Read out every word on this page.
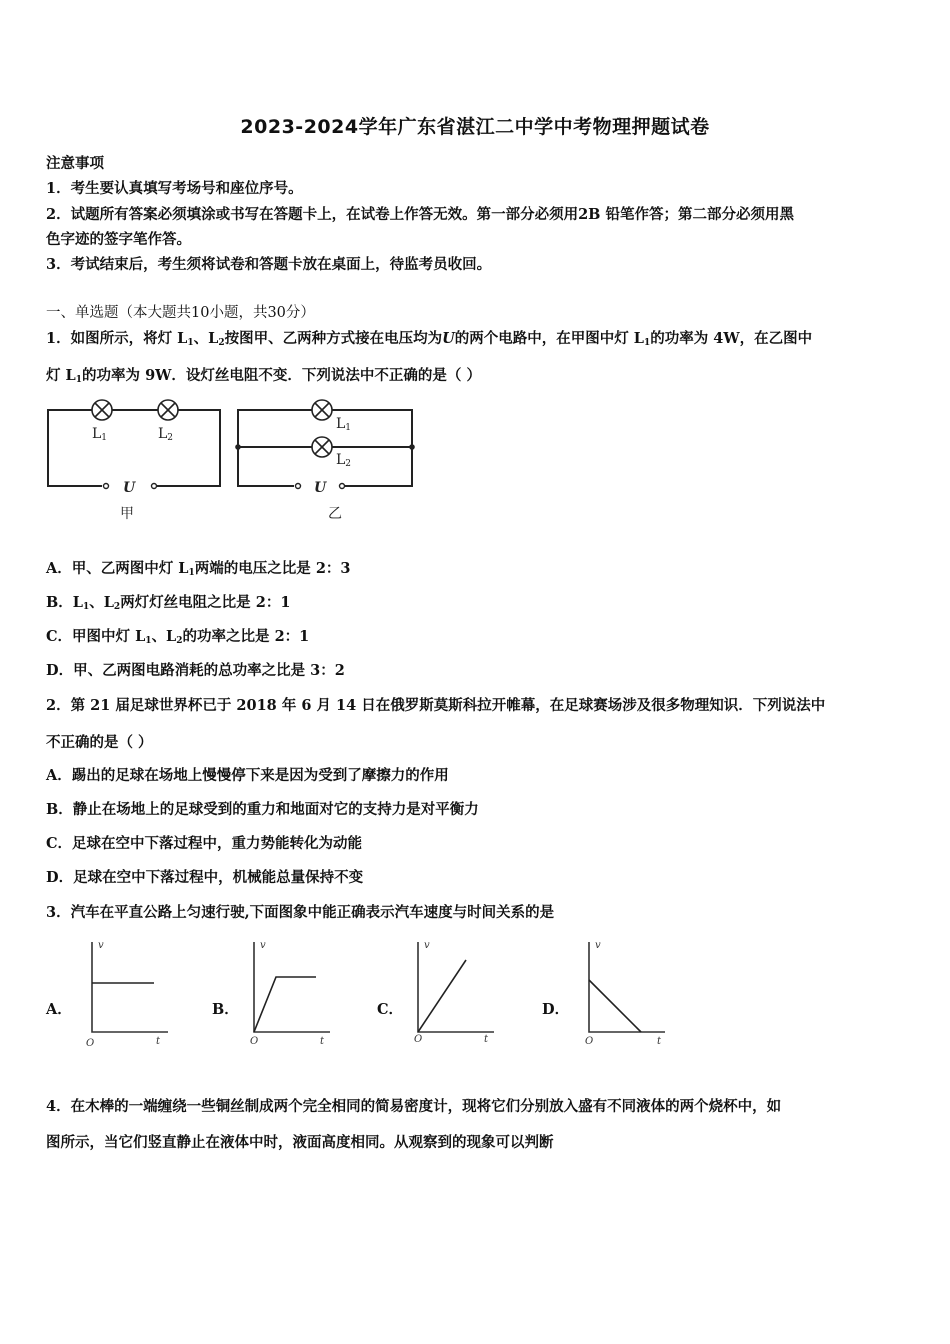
2023-2024学年广东省湛江二中学中考物理押题试卷
注意事项
1．考生要认真填写考场号和座位序号。
2．试题所有答案必须填涂或书写在答题卡上，在试卷上作答无效。第一部分必须用2B 铅笔作答；第二部分必须用黑
色字迹的签字笔作答。
3．考试结束后，考生须将试卷和答题卡放在桌面上，待监考员收回。
一、单选题（本大题共10小题，共30分）
1．如图所示，将灯 $L_1$、$L_2$按图甲、乙两种方式接在电压均为U的两个电路中，在甲图中灯 $L_1$的功率为 4W，在乙图中
灯 $L_1$的功率为 9W．设灯丝电阻不变．下列说法中不正确的是（ ）
L1	L2
U
甲
L1
L2
U
乙
A．甲、乙两图中灯 $L_1$两端的电压之比是 2：3
B．$L_1$、$L_2$两灯灯丝电阻之比是 2：1
C．甲图中灯 $L_1$、$L_2$的功率之比是 2：1
D．甲、乙两图电路消耗的总功率之比是 3：2
2．第 21 届足球世界杯已于 2018 年 6 月 14 日在俄罗斯莫斯科拉开帷幕，在足球赛场涉及很多物理知识．下列说法中
不正确的是（ ）
A．踢出的足球在场地上慢慢停下来是因为受到了摩擦力的作用
B．静止在场地上的足球受到的重力和地面对它的支持力是对平衡力
C．足球在空中下落过程中，重力势能转化为动能
D．足球在空中下落过程中，机械能总量保持不变
3．汽车在平直公路上匀速行驶,下面图象中能正确表示汽车速度与时间关系的是
A．
v
t
O
B．
v
t
O
C．
v
t
O
D．
v
t
O
4．在木棒的一端缠绕一些铜丝制成两个完全相同的简易密度计，现将它们分别放入盛有不同液体的两个烧杯中，如
图所示，当它们竖直静止在液体中时，液面高度相同。从观察到的现象可以判断
